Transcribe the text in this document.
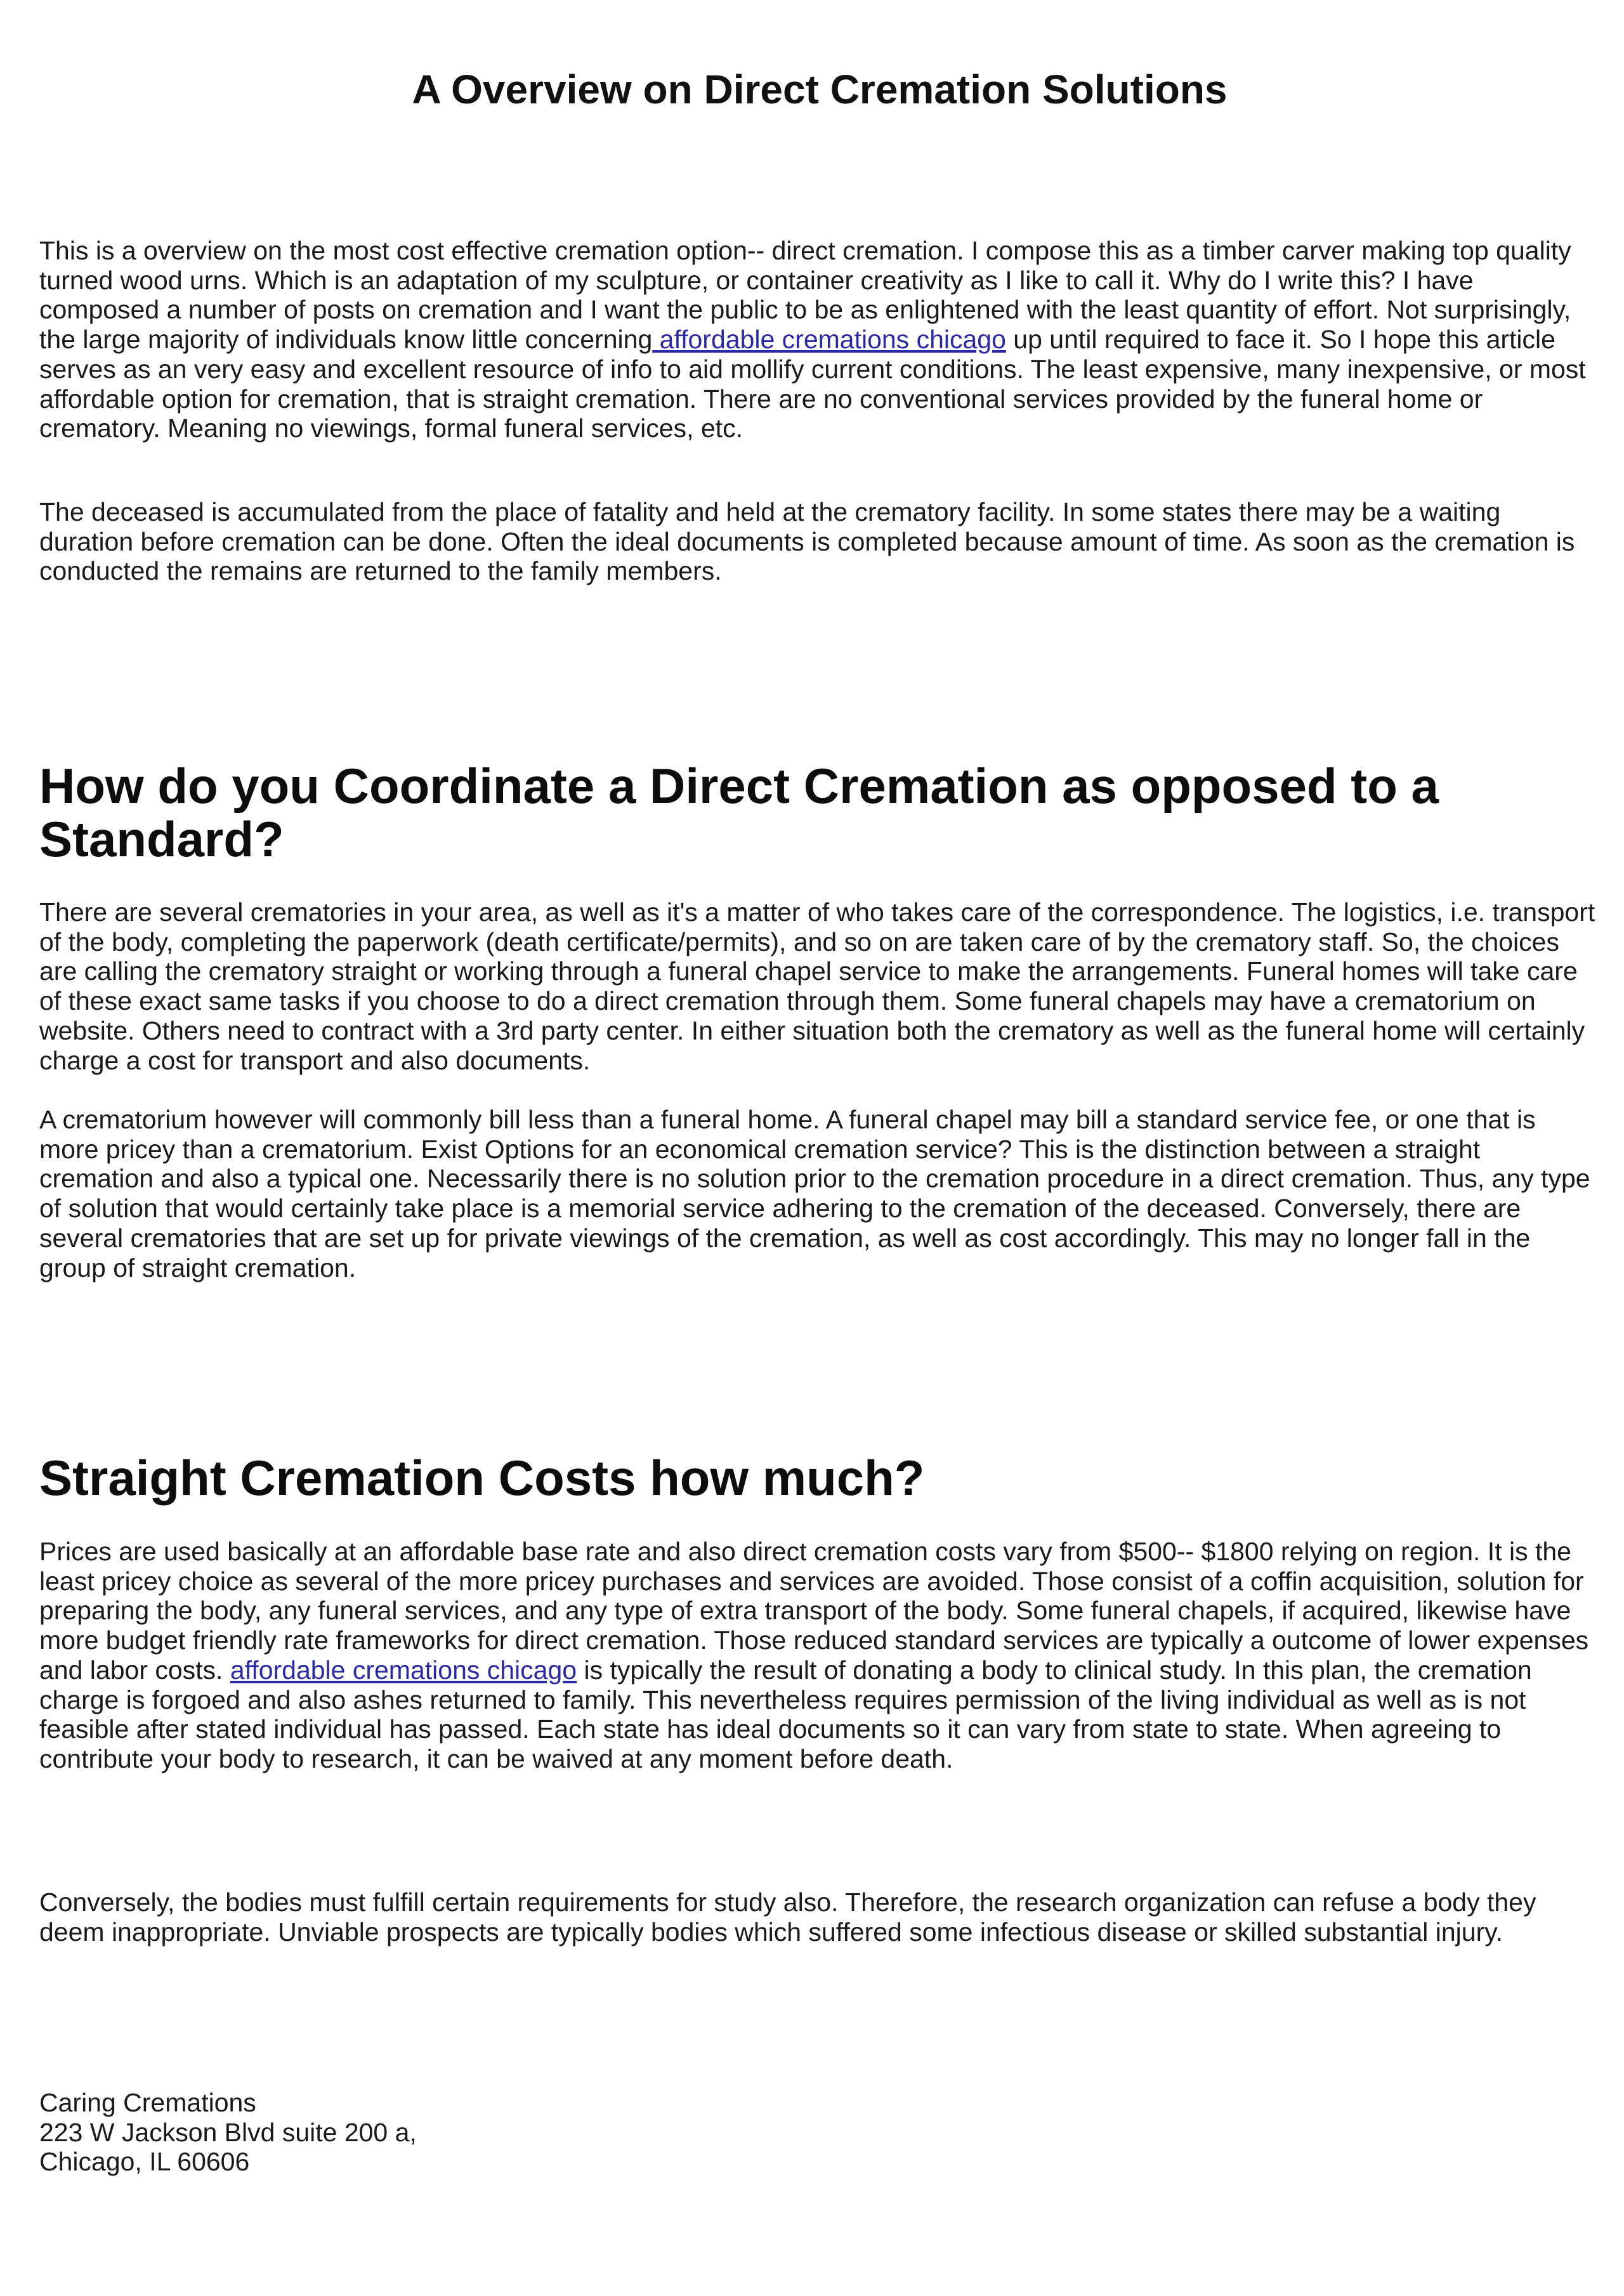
A Overview on Direct Cremation Solutions

This is a overview on the most cost effective cremation option-- direct cremation. I compose this as a timber carver making top quality turned wood urns. Which is an adaptation of my sculpture, or container creativity as I like to call it. Why do I write this? I have composed a number of posts on cremation and I want the public to be as enlightened with the least quantity of effort. Not surprisingly, the large majority of individuals know little concerning affordable cremations chicago up until required to face it. So I hope this article serves as an very easy and excellent resource of info to aid mollify current conditions. The least expensive, many inexpensive, or most affordable option for cremation, that is straight cremation. There are no conventional services provided by the funeral home or crematory. Meaning no viewings, formal funeral services, etc.

The deceased is accumulated from the place of fatality and held at the crematory facility. In some states there may be a waiting duration before cremation can be done. Often the ideal documents is completed because amount of time. As soon as the cremation is conducted the remains are returned to the family members.

How do you Coordinate a Direct Cremation as opposed to a Standard?

There are several crematories in your area, as well as it's a matter of who takes care of the correspondence. The logistics, i.e. transport of the body, completing the paperwork (death certificate/permits), and so on are taken care of by the crematory staff. So, the choices are calling the crematory straight or working through a funeral chapel service to make the arrangements. Funeral homes will take care of these exact same tasks if you choose to do a direct cremation through them. Some funeral chapels may have a crematorium on website. Others need to contract with a 3rd party center. In either situation both the crematory as well as the funeral home will certainly charge a cost for transport and also documents.

A crematorium however will commonly bill less than a funeral home. A funeral chapel may bill a standard service fee, or one that is more pricey than a crematorium. Exist Options for an economical cremation service? This is the distinction between a straight cremation and also a typical one. Necessarily there is no solution prior to the cremation procedure in a direct cremation. Thus, any type of solution that would certainly take place is a memorial service adhering to the cremation of the deceased. Conversely, there are several crematories that are set up for private viewings of the cremation, as well as cost accordingly. This may no longer fall in the group of straight cremation.

Straight Cremation Costs how much?

Prices are used basically at an affordable base rate and also direct cremation costs vary from $500-- $1800 relying on region. It is the least pricey choice as several of the more pricey purchases and services are avoided. Those consist of a coffin acquisition, solution for preparing the body, any funeral services, and any type of extra transport of the body. Some funeral chapels, if acquired, likewise have more budget friendly rate frameworks for direct cremation. Those reduced standard services are typically a outcome of lower expenses and labor costs. affordable cremations chicago is typically the result of donating a body to clinical study. In this plan, the cremation charge is forgoed and also ashes returned to family. This nevertheless requires permission of the living individual as well as is not feasible after stated individual has passed. Each state has ideal documents so it can vary from state to state. When agreeing to contribute your body to research, it can be waived at any moment before death.

Conversely, the bodies must fulfill certain requirements for study also. Therefore, the research organization can refuse a body they deem inappropriate. Unviable prospects are typically bodies which suffered some infectious disease or skilled substantial injury.

Caring Cremations
223 W Jackson Blvd suite 200 a,
Chicago, IL 60606
